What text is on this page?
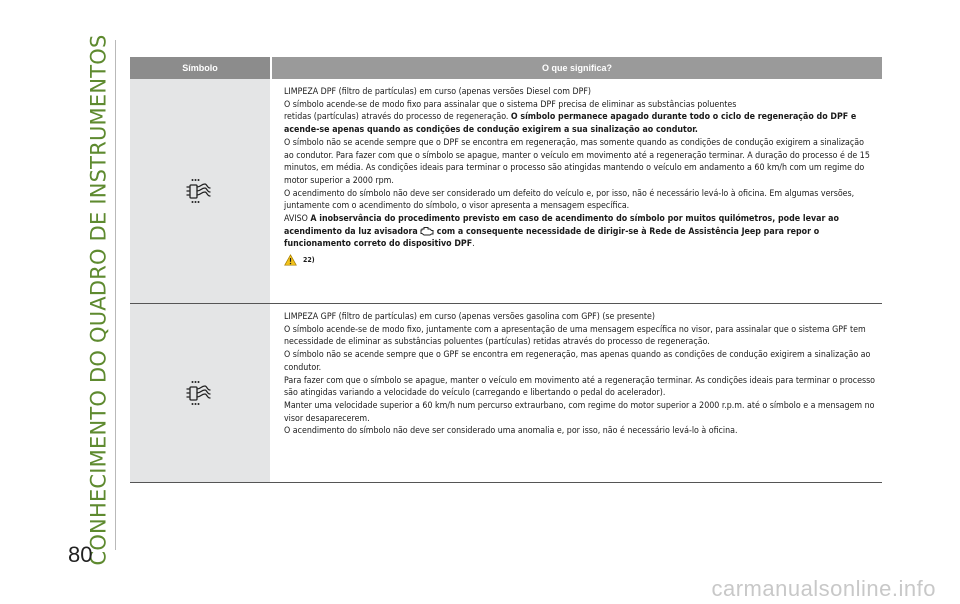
CONHECIMENTO DO QUADRO DE INSTRUMENTOS
80
Símbolo	O que significa?
LIMPEZA DPF (filtro de partículas) em curso (apenas versões Diesel com DPF)
O símbolo acende-se de modo fixo para assinalar que o sistema DPF precisa de eliminar as substâncias poluentes
retidas (partículas) através do processo de regeneração. O símbolo permanece apagado durante todo o ciclo de regeneração do DPF e acende-se apenas quando as condições de condução exigirem a sua sinalização ao condutor.
O símbolo não se acende sempre que o DPF se encontra em regeneração, mas somente quando as condições de condução exigirem a sinalização ao condutor. Para fazer com que o símbolo se apague, manter o veículo em movimento até a regeneração terminar. A duração do processo é de 15 minutos, em média. As condições ideais para terminar o processo são atingidas mantendo o veículo em andamento a 60 km/h com um regime do motor superior a 2000 rpm.
O acendimento do símbolo não deve ser considerado um defeito do veículo e, por isso, não é necessário levá-lo à oficina. Em algumas versões, juntamente com o acendimento do símbolo, o visor apresenta a mensagem específica.
AVISO A inobservância do procedimento previsto em caso de acendimento do símbolo por muitos quilómetros, pode levar ao acendimento da luz avisadora com a consequente necessidade de dirigir-se à Rede de Assistência Jeep para repor o funcionamento correto do dispositivo DPF.
22)
LIMPEZA GPF (filtro de partículas) em curso (apenas versões gasolina com GPF) (se presente)
O símbolo acende-se de modo fixo, juntamente com a apresentação de uma mensagem específica no visor, para assinalar que o sistema GPF tem necessidade de eliminar as substâncias poluentes (partículas) retidas através do processo de regeneração.
O símbolo não se acende sempre que o GPF se encontra em regeneração, mas apenas quando as condições de condução exigirem a sinalização ao condutor.
Para fazer com que o símbolo se apague, manter o veículo em movimento até a regeneração terminar. As condições ideais para terminar o processo são atingidas variando a velocidade do veículo (carregando e libertando o pedal do acelerador).
Manter uma velocidade superior a 60 km/h num percurso extraurbano, com regime do motor superior a 2000 r.p.m. até o símbolo e a mensagem no visor desaparecerem.
O acendimento do símbolo não deve ser considerado uma anomalia e, por isso, não é necessário levá-lo à oficina.
carmanualsonline.info
